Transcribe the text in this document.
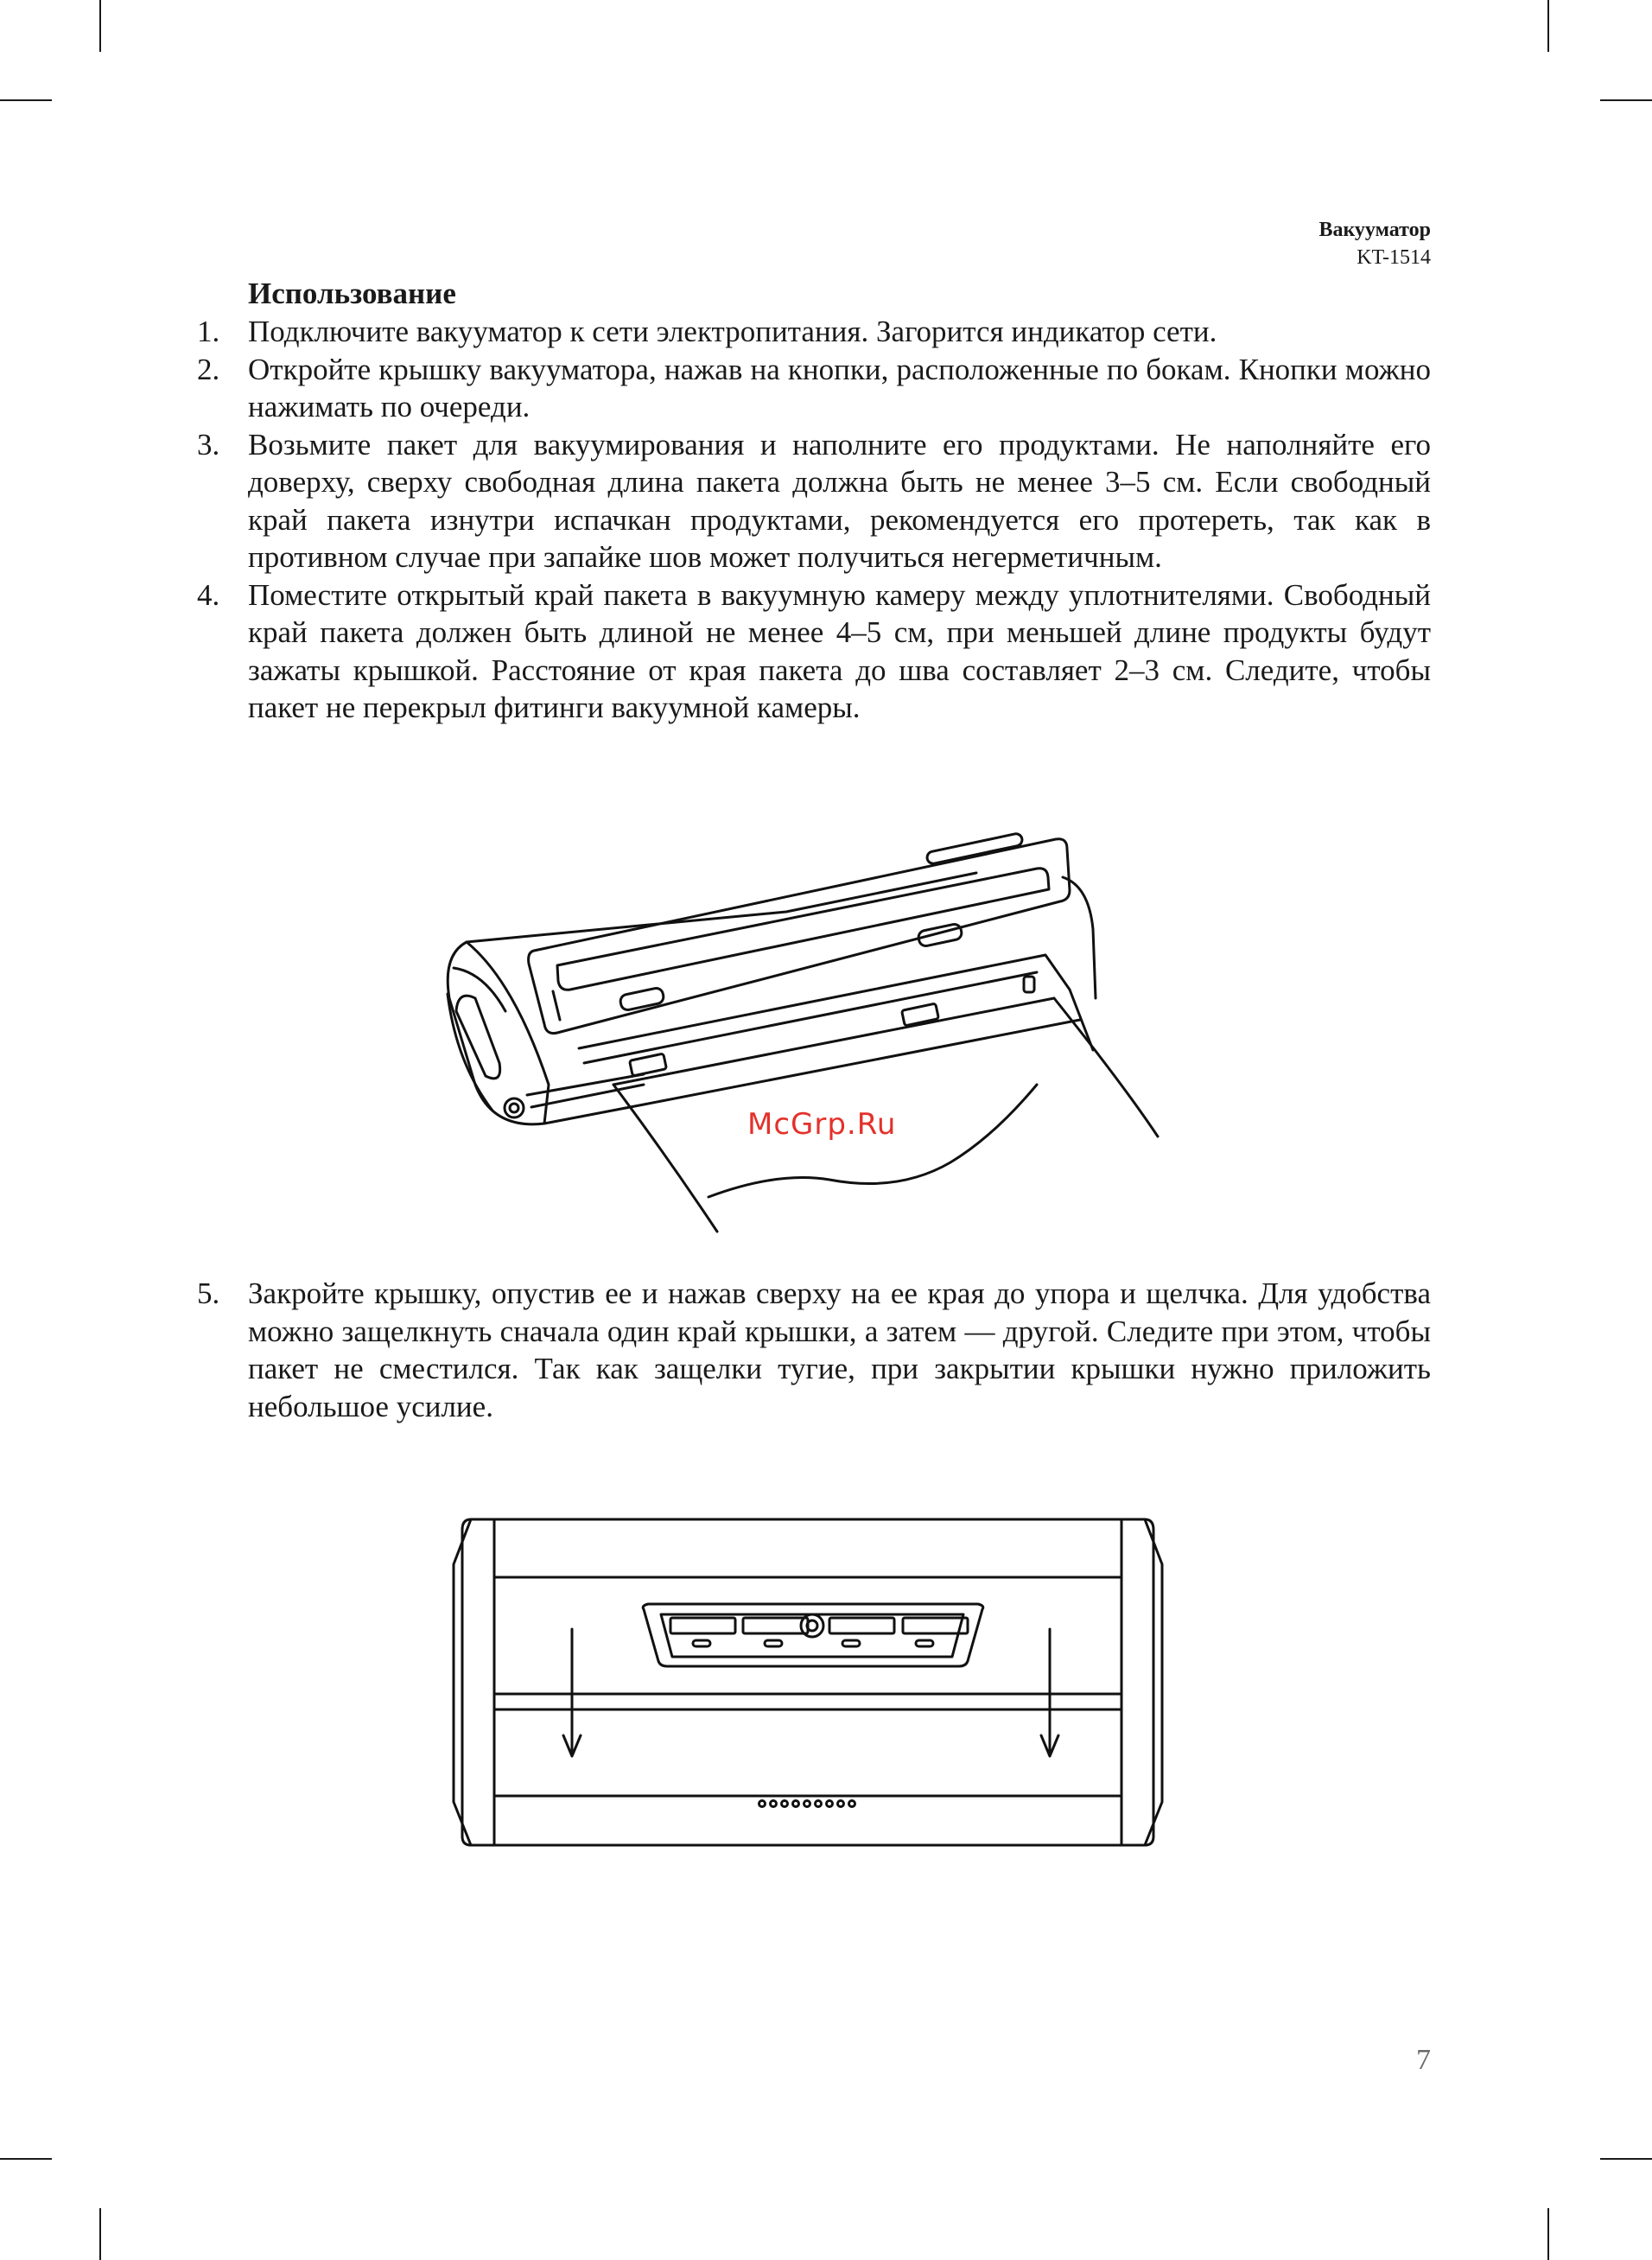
Вакууматор
KT-1514
Использование
1. Подключите вакууматор к сети электропитания. Загорится индикатор сети.
2. Откройте крышку вакууматора, нажав на кнопки, расположенные по бокам. Кнопки можно нажимать по очереди.
3. Возьмите пакет для вакуумирования и наполните его продуктами. Не наполняйте его доверху, сверху свободная длина пакета должна быть не менее 3–5 см. Если свободный край пакета изнутри испачкан продуктами, рекомендуется его протереть, так как в противном случае при запайке шов может получиться негерметичным.
4. Поместите открытый край пакета в вакуумную камеру между уплотнителями. Свободный край пакета должен быть длиной не менее 4–5 см, при меньшей длине продукты будут зажаты крышкой. Расстояние от края пакета до шва составляет 2–3 см. Следите, чтобы пакет не перекрыл фитинги вакуумной камеры.
McGrp.Ru
5. Закройте крышку, опустив ее и нажав сверху на ее края до упора и щелчка. Для удобства можно защелкнуть сначала один край крышки, а затем — другой. Следите при этом, чтобы пакет не сместился. Так как защелки тугие, при закрытии крышки нужно приложить небольшое усилие.
7
